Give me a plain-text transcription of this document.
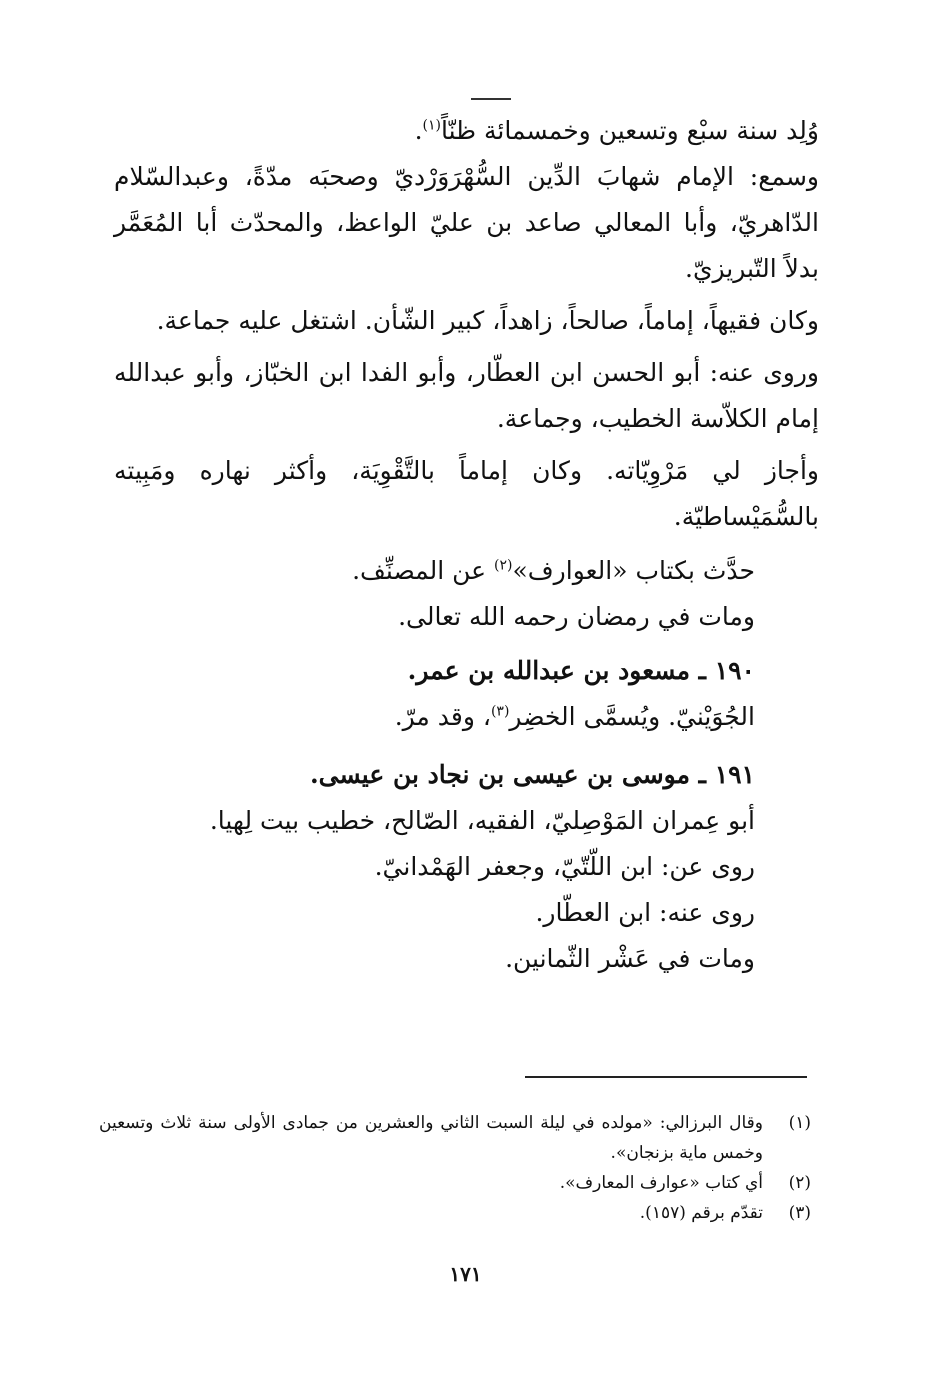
وُلِد سنة سبْع وتسعين وخمسمائة ظنّاً$^{(١)}$.

وسمع: الإمام شهابَ الدِّين السُّهْرَوَرْديّ وصحبَه مدّةً، وعبدالسّلام الدّاهريّ، وأبا المعالي صاعد بن عليّ الواعظ، والمحدّث أبا المُعَمَّر بدلاً التّبريزيّ.

وكان فقيهاً، إماماً، صالحاً، زاهداً، كبير الشّأن. اشتغل عليه جماعة.

وروى عنه: أبو الحسن ابن العطّار، وأبو الفدا ابن الخبّاز، وأبو عبدالله إمام الكلاّسة الخطيب، وجماعة.

وأجاز لي مَرْوِيّاته. وكان إماماً بالتَّقْوِيَة، وأكثر نهاره ومَبِيته بالسُّمَيْساطيّة.

حدَّث بكتاب «العوارف»$^{(٢)}$ عن المصنِّف.

ومات في رمضان رحمه الله تعالى.

١٩٠ ـ مسعود بن عبدالله بن عمر.

الجُوَيْنيّ. ويُسمَّى الخضِر$^{(٣)}$، وقد مرّ.

١٩١ ـ موسى بن عيسى بن نجاد بن عيسى.

أبو عِمران المَوْصِليّ، الفقيه، الصّالح، خطيب بيت لِهيا.

روى عن: ابن اللّتّيّ، وجعفر الهَمْدانيّ.

روى عنه: ابن العطّار.

ومات في عَشْر الثّمانين.

(١)
وقال البرزالي: «مولده في ليلة السبت الثاني والعشرين من جمادى الأولى سنة ثلاث وتسعين وخمس ماية بزنجان».
(٢)
أي كتاب «عوارف المعارف».
(٣)
تقدّم برقم (١٥٧).
١٧١
